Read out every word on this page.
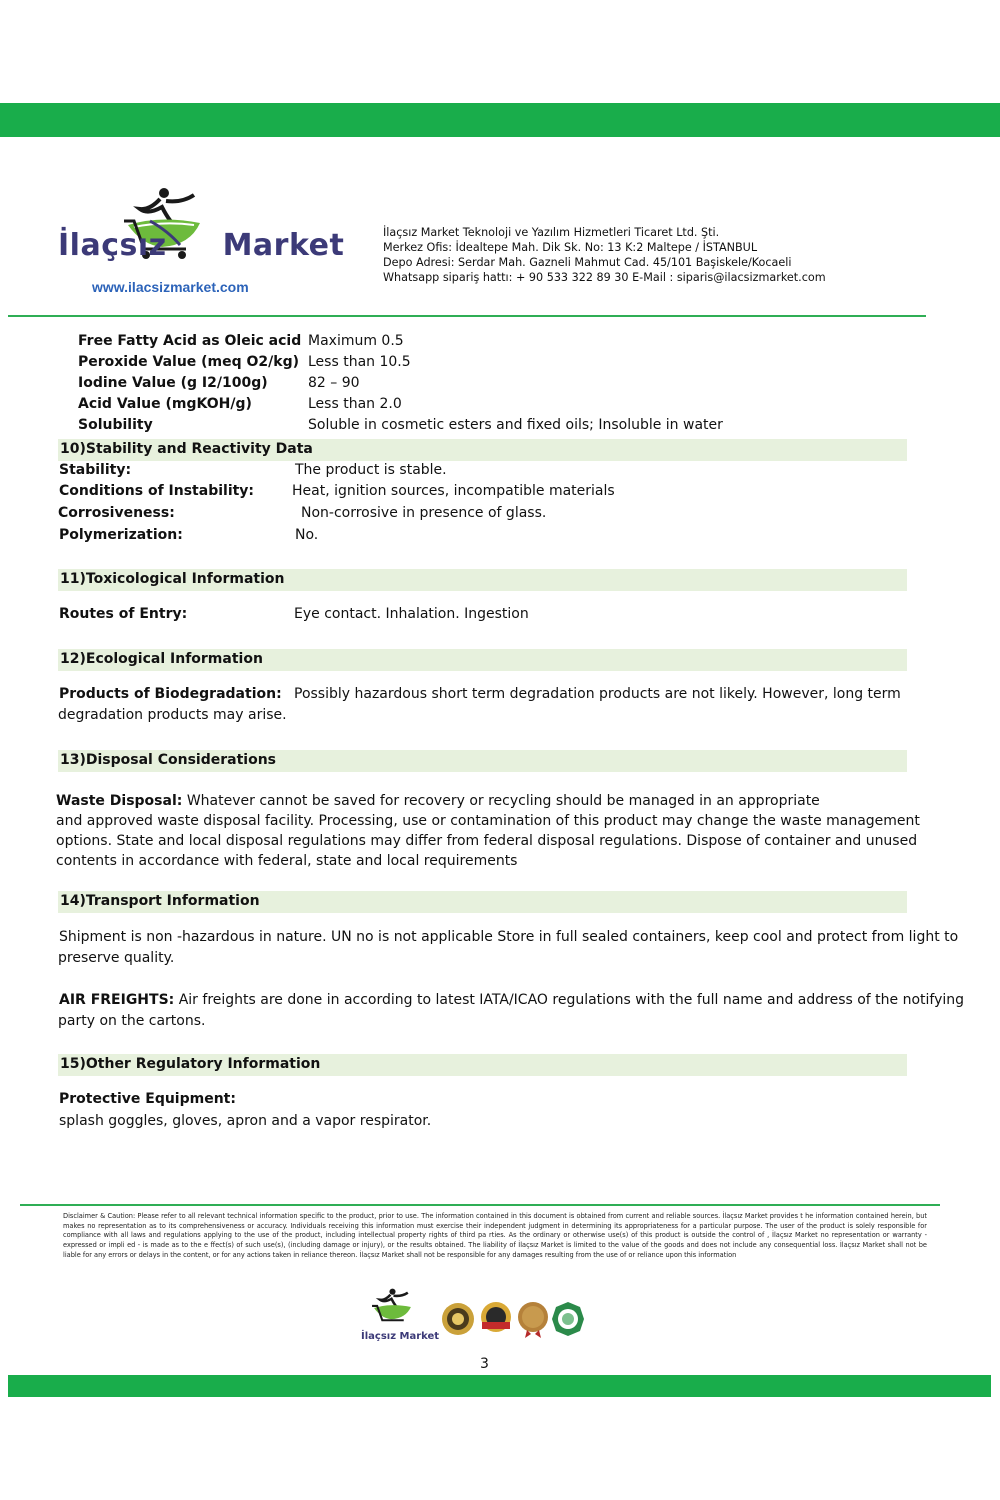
İlaçsız Market
www.ilacsizmarket.com
İlaçsız Market Teknoloji ve Yazılım Hizmetleri Ticaret Ltd. Şti.
Merkez Ofis: İdealtepe Mah. Dik Sk. No: 13 K:2 Maltepe / İSTANBUL
Depo Adresi: Serdar Mah. Gazneli Mahmut Cad. 45/101 Başiskele/Kocaeli
Whatsapp sipariş hattı: + 90 533 322 89 30 E-Mail : siparis@ilacsizmarket.com
Free Fatty Acid as Oleic acid Maximum 0.5
Peroxide Value (meq O2/kg) Less than 10.5
Iodine Value (g I2/100g)	82 – 90
Acid Value (mgKOH/g)	Less than 2.0
Solubility	Soluble in cosmetic esters and fixed oils; Insoluble in water
10)Stability and Reactivity Data
Stability:	The product is stable.
Conditions of Instability:	Heat, ignition sources, incompatible materials
Corrosiveness:	Non-corrosive in presence of glass.
Polymerization:	No.
11)Toxicological Information
Routes of Entry:	Eye contact. Inhalation. Ingestion
12)Ecological Information
Products of Biodegradation: Possibly hazardous short term degradation products are not likely. However, long term
degradation products may arise.
13)Disposal Considerations
Waste Disposal: Whatever cannot be saved for recovery or recycling should be managed in an appropriate
and approved waste disposal facility. Processing, use or contamination of this product may change the waste management
options. State and local disposal regulations may differ from federal disposal regulations. Dispose of container and unused
contents in accordance with federal, state and local requirements
14)Transport Information
Shipment is non -hazardous in nature. UN no is not applicable Store in full sealed containers, keep cool and protect from light to
preserve quality.
AIR FREIGHTS: Air freights are done in according to latest IATA/ICAO regulations with the full name and address of the notifying
party on the cartons.
15)Other Regulatory Information
Protective Equipment:
splash goggles, gloves, apron and a vapor respirator.
Disclaimer & Caution: Please refer to all relevant technical information specific to the product, prior to use. The information contained in this document is obtained from current and reliable sources. İlaçsız Market provides t he information contained herein, but makes no representation as to its comprehensiveness or accuracy. Individuals receiving this information must exercise their independent judgment in determining its appropriateness for a particular purpose. The user of the product is solely responsible for compliance with all laws and regulations applying to the use of the product, including intellectual property rights of third pa rties. As the ordinary or otherwise use(s) of this product is outside the control of , İlaçsız Market no representation or warranty - expressed or impli ed - is made as to the e ffect(s) of such use(s), (including damage or injury), or the results obtained. The liability of İlaçsız Market is limited to the value of the goods and does not include any consequential loss. İlaçsız Market shall not be liable for any errors or delays in the content, or for any actions taken in reliance thereon. İlaçsız Market shall not be responsible for any damages resulting from the use of or reliance upon this information
İlaçsız Market
3
